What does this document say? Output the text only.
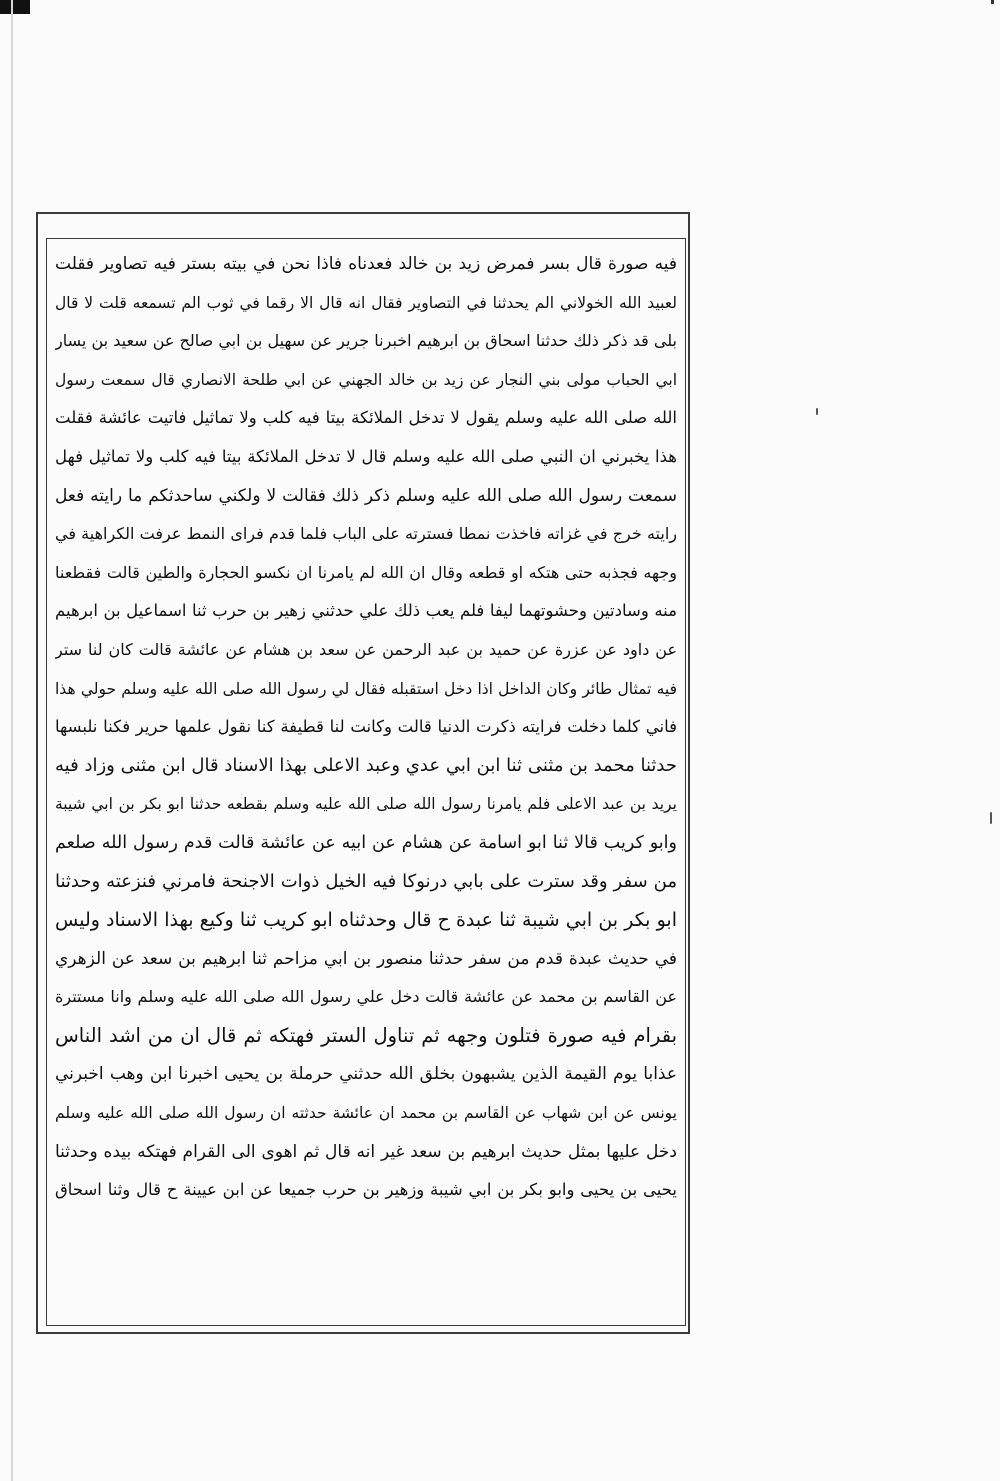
فيه صورة قال بسر فمرض زيد بن خالد فعدناه فاذا نحن في بيته بستر فيه تصاوير فقلت
لعبيد الله الخولاني الم يحدثنا في التصاوير فقال انه قال الا رقما في ثوب الم تسمعه قلت لا قال
بلى قد ذكر ذلك حدثنا اسحاق بن ابرهيم اخبرنا جرير عن سهيل بن ابي صالح عن سعيد بن يسار
ابي الحباب مولى بني النجار عن زيد بن خالد الجهني عن ابي طلحة الانصاري قال سمعت رسول
الله صلى الله عليه وسلم يقول لا تدخل الملائكة بيتا فيه كلب ولا تماثيل فاتيت عائشة فقلت
هذا يخبرني ان النبي صلى الله عليه وسلم قال لا تدخل الملائكة بيتا فيه كلب ولا تماثيل فهل
سمعت رسول الله صلى الله عليه وسلم ذكر ذلك فقالت لا ولكني ساحدثكم ما رايته فعل
رايته خرج في غزاته فاخذت نمطا فسترته على الباب فلما قدم فراى النمط عرفت الكراهية في
وجهه فجذبه حتى هتكه او قطعه وقال ان الله لم يامرنا ان نكسو الحجارة والطين قالت فقطعنا
منه وسادتين وحشوتهما ليفا فلم يعب ذلك علي حدثني زهير بن حرب ثنا اسماعيل بن ابرهيم
عن داود عن عزرة عن حميد بن عبد الرحمن عن سعد بن هشام عن عائشة قالت كان لنا ستر
فيه تمثال طائر وكان الداخل اذا دخل استقبله فقال لي رسول الله صلى الله عليه وسلم حولي هذا
فاني كلما دخلت فرايته ذكرت الدنيا قالت وكانت لنا قطيفة كنا نقول علمها حرير فكنا نلبسها
حدثنا محمد بن مثنى ثنا ابن ابي عدي وعبد الاعلى بهذا الاسناد قال ابن مثنى وزاد فيه
يريد بن عبد الاعلى فلم يامرنا رسول الله صلى الله عليه وسلم بقطعه حدثنا ابو بكر بن ابي شيبة
وابو كريب قالا ثنا ابو اسامة عن هشام عن ابيه عن عائشة قالت قدم رسول الله صلعم
من سفر وقد سترت على بابي درنوكا فيه الخيل ذوات الاجنحة فامرني فنزعته وحدثنا
ابو بكر بن ابي شيبة ثنا عبدة ح قال وحدثناه ابو كريب ثنا وكيع بهذا الاسناد وليس
في حديث عبدة قدم من سفر حدثنا منصور بن ابي مزاحم ثنا ابرهيم بن سعد عن الزهري
عن القاسم بن محمد عن عائشة قالت دخل علي رسول الله صلى الله عليه وسلم وانا مستترة
بقرام فيه صورة فتلون وجهه ثم تناول الستر فهتكه ثم قال ان من اشد الناس
عذابا يوم القيمة الذين يشبهون بخلق الله حدثني حرملة بن يحيى اخبرنا ابن وهب اخبرني
يونس عن ابن شهاب عن القاسم بن محمد ان عائشة حدثته ان رسول الله صلى الله عليه وسلم
دخل عليها بمثل حديث ابرهيم بن سعد غير انه قال ثم اهوى الى القرام فهتكه بيده وحدثنا
يحيى بن يحيى وابو بكر بن ابي شيبة وزهير بن حرب جميعا عن ابن عيينة ح قال وثنا اسحاق
